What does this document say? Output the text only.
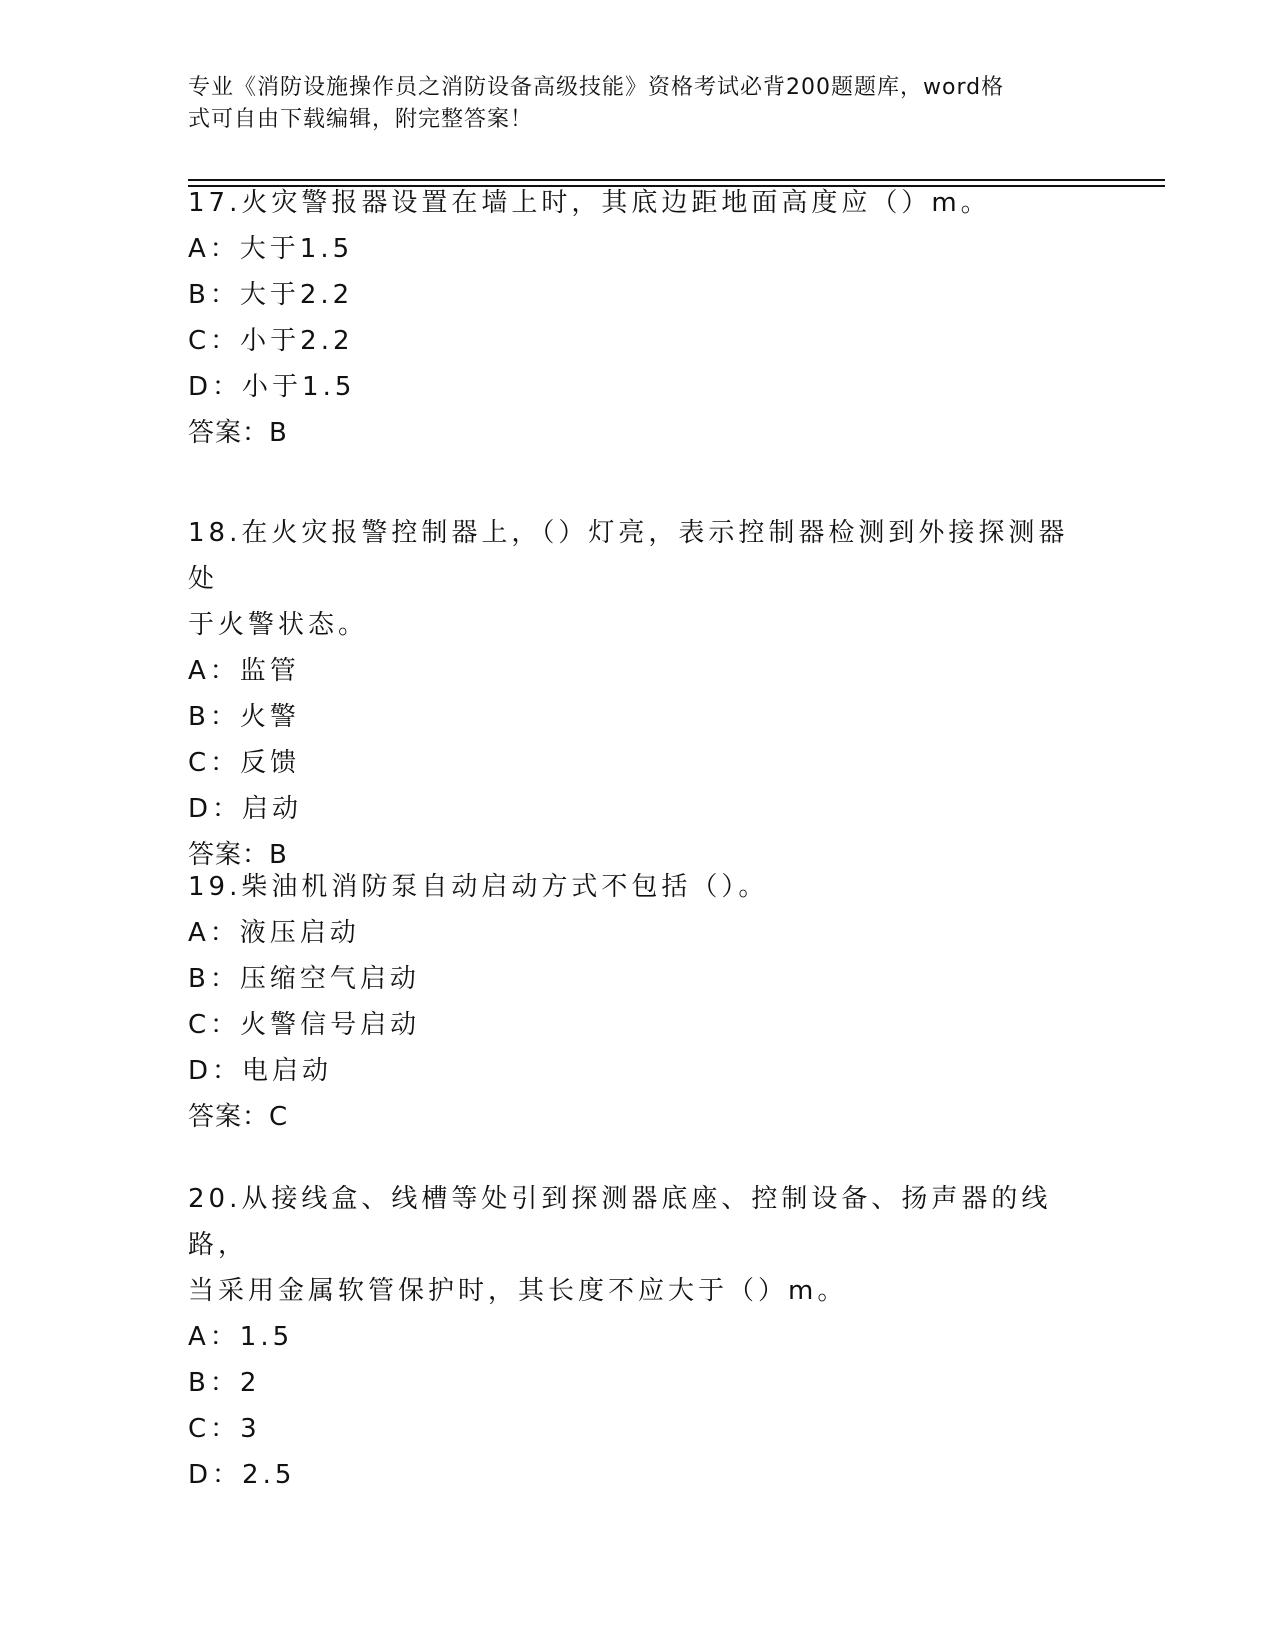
专业《消防设施操作员之消防设备高级技能》资格考试必背200题题库，word格
式可自由下载编辑，附完整答案！
17.火灾警报器设置在墙上时，其底边距地面高度应（）m。
A：大于1.5
B：大于2.2
C：小于2.2
D：小于1.5
答案：B
18.在火灾报警控制器上，（）灯亮，表示控制器检测到外接探测器处
于火警状态。
A：监管
B：火警
C：反馈
D：启动
答案：B
19.柴油机消防泵自动启动方式不包括（）。
A：液压启动
B：压缩空气启动
C：火警信号启动
D：电启动
答案：C
20.从接线盒、线槽等处引到探测器底座、控制设备、扬声器的线路，
当采用金属软管保护时，其长度不应大于（）m。
A：1.5
B：2
C：3
D：2.5
